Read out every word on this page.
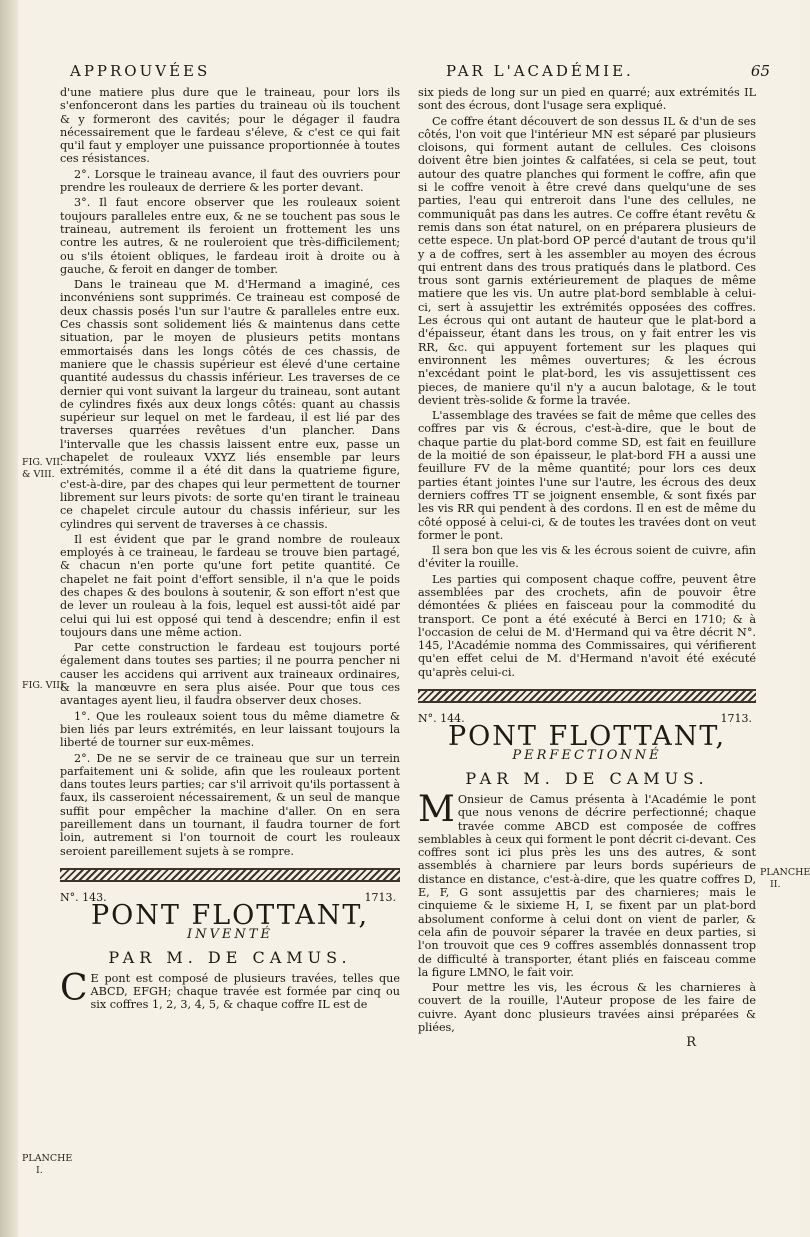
APPROUVÉES	PAR L'ACADÉMIE.	65
FIG. VII.
& VIII.
FIG. VIII.
PLANCHE
I.
PLANCHE
II.

d'une matiere plus dure que le traineau, pour lors ils s'enfonceront dans les parties du traineau où ils touchent & y formeront des cavités; pour le dégager il faudra nécessairement que le fardeau s'éleve, & c'est ce qui fait qu'il faut y employer une puissance proportionnée à toutes ces résistances.

2°. Lorsque le traineau avance, il faut des ouvriers pour prendre les rouleaux de derriere & les porter devant.

3°. Il faut encore observer que les rouleaux soient toujours paralleles entre eux, & ne se touchent pas sous le traineau, autrement ils feroient un frottement les uns contre les autres, & ne rouleroient que très-difficilement; ou s'ils étoient obliques, le fardeau iroit à droite ou à gauche, & feroit en danger de tomber.

Dans le traineau que M. d'Hermand a imaginé, ces inconvéniens sont supprimés. Ce traineau est composé de deux chassis posés l'un sur l'autre & paralleles entre eux. Ces chassis sont solidement liés & maintenus dans cette situation, par le moyen de plusieurs petits montans emmortaisés dans les longs côtés de ces chassis, de maniere que le chassis supérieur est élevé d'une certaine quantité audessus du chassis inférieur. Les traverses de ce dernier qui vont suivant la largeur du traineau, sont autant de cylindres fixés aux deux longs côtés: quant au chassis supérieur sur lequel on met le fardeau, il est lié par des traverses quarrées revêtues d'un plancher. Dans l'intervalle que les chassis laissent entre eux, passe un chapelet de rouleaux VXYZ liés ensemble par leurs extrémités, comme il a été dit dans la quatrieme figure, c'est-à-dire, par des chapes qui leur permettent de tourner librement sur leurs pivots: de sorte qu'en tirant le traineau ce chapelet circule autour du chassis inférieur, sur les cylindres qui servent de traverses à ce chassis.

Il est évident que par le grand nombre de rouleaux employés à ce traineau, le fardeau se trouve bien partagé, & chacun n'en porte qu'une fort petite quantité. Ce chapelet ne fait point d'effort sensible, il n'a que le poids des chapes & des boulons à soutenir, & son effort n'est que de lever un rouleau à la fois, lequel est aussi-tôt aidé par celui qui lui est opposé qui tend à descendre; enfin il est toujours dans une même action.

Par cette construction le fardeau est toujours porté également dans toutes ses parties; il ne pourra pencher ni causer les accidens qui arrivent aux traineaux ordinaires, & la manœuvre en sera plus aisée. Pour que tous ces avantages ayent lieu, il faudra observer deux choses.

1°. Que les rouleaux soient tous du même diametre & bien liés par leurs extrémités, en leur laissant toujours la liberté de tourner sur eux-mêmes.

2°. De ne se servir de ce traineau que sur un terrein parfaitement uni & solide, afin que les rouleaux portent dans toutes leurs parties; car s'il arrivoit qu'ils portassent à faux, ils casseroient nécessairement, & un seul de manque suffit pour empêcher la machine d'aller. On en sera pareillement dans un tournant, il faudra tourner de fort loin, autrement si l'on tournoit de court les rouleaux seroient pareillement sujets à se rompre.

N°. 143.	1713.
PONT FLOTTANT,
INVENTÉ
PAR M. DE CAMUS.

C E pont est composé de plusieurs travées, telles que ABCD, EFGH; chaque travée est formée par cinq ou six coffres 1, 2, 3, 4, 5, & chaque coffre IL est de

six pieds de long sur un pied en quarré; aux extrémités IL sont des écrous, dont l'usage sera expliqué.

Ce coffre étant découvert de son dessus IL & d'un de ses côtés, l'on voit que l'intérieur MN est séparé par plusieurs cloisons, qui forment autant de cellules. Ces cloisons doivent être bien jointes & calfatées, si cela se peut, tout autour des quatre planches qui forment le coffre, afin que si le coffre venoit à être crevé dans quelqu'une de ses parties, l'eau qui entreroit dans l'une des cellules, ne communiquât pas dans les autres. Ce coffre étant revêtu & remis dans son état naturel, on en préparera plusieurs de cette espece. Un plat-bord OP percé d'autant de trous qu'il y a de coffres, sert à les assembler au moyen des écrous qui entrent dans des trous pratiqués dans le platbord. Ces trous sont garnis extérieurement de plaques de même matiere que les vis. Un autre plat-bord semblable à celui-ci, sert à assujettir les extrémités opposées des coffres. Les écrous qui ont autant de hauteur que le plat-bord a d'épaisseur, étant dans les trous, on y fait entrer les vis RR, &c. qui appuyent fortement sur les plaques qui environnent les mêmes ouvertures; & les écrous n'excédant point le plat-bord, les vis assujettissent ces pieces, de maniere qu'il n'y a aucun balotage, & le tout devient très-solide & forme la travée.

L'assemblage des travées se fait de même que celles des coffres par vis & écrous, c'est-à-dire, que le bout de chaque partie du plat-bord comme SD, est fait en feuillure de la moitié de son épaisseur, le plat-bord FH a aussi une feuillure FV de la même quantité; pour lors ces deux parties étant jointes l'une sur l'autre, les écrous des deux derniers coffres TT se joignent ensemble, & sont fixés par les vis RR qui pendent à des cordons. Il en est de même du côté opposé à celui-ci, & de toutes les travées dont on veut former le pont.

Il sera bon que les vis & les écrous soient de cuivre, afin d'éviter la rouille.

Les parties qui composent chaque coffre, peuvent être assemblées par des crochets, afin de pouvoir être démontées & pliées en faisceau pour la commodité du transport. Ce pont a été exécuté à Berci en 1710; & à l'occasion de celui de M. d'Hermand qui va être décrit N°. 145, l'Académie nomma des Commissaires, qui vérifierent qu'en effet celui de M. d'Hermand n'avoit été exécuté qu'après celui-ci.

N°. 144.	1713.
PONT FLOTTANT,
PERFECTIONNÉ
PAR M. DE CAMUS.

M Onsieur de Camus présenta à l'Académie le pont que nous venons de décrire perfectionné; chaque travée comme ABCD est composée de coffres semblables à ceux qui forment le pont décrit ci-devant. Ces coffres sont ici plus près les uns des autres, & sont assemblés à charniere par leurs bords supérieurs de distance en distance, c'est-à-dire, que les quatre coffres D, E, F, G sont assujettis par des charnieres; mais le cinquieme & le sixieme H, I, se fixent par un plat-bord absolument conforme à celui dont on vient de parler, & cela afin de pouvoir séparer la travée en deux parties, si l'on trouvoit que ces 9 coffres assemblés donnassent trop de difficulté à transporter, étant pliés en faisceau comme la figure LMNO, le fait voir.

Pour mettre les vis, les écrous & les charnieres à couvert de la rouille, l'Auteur propose de les faire de cuivre. Ayant donc plusieurs travées ainsi préparées & pliées,

R
